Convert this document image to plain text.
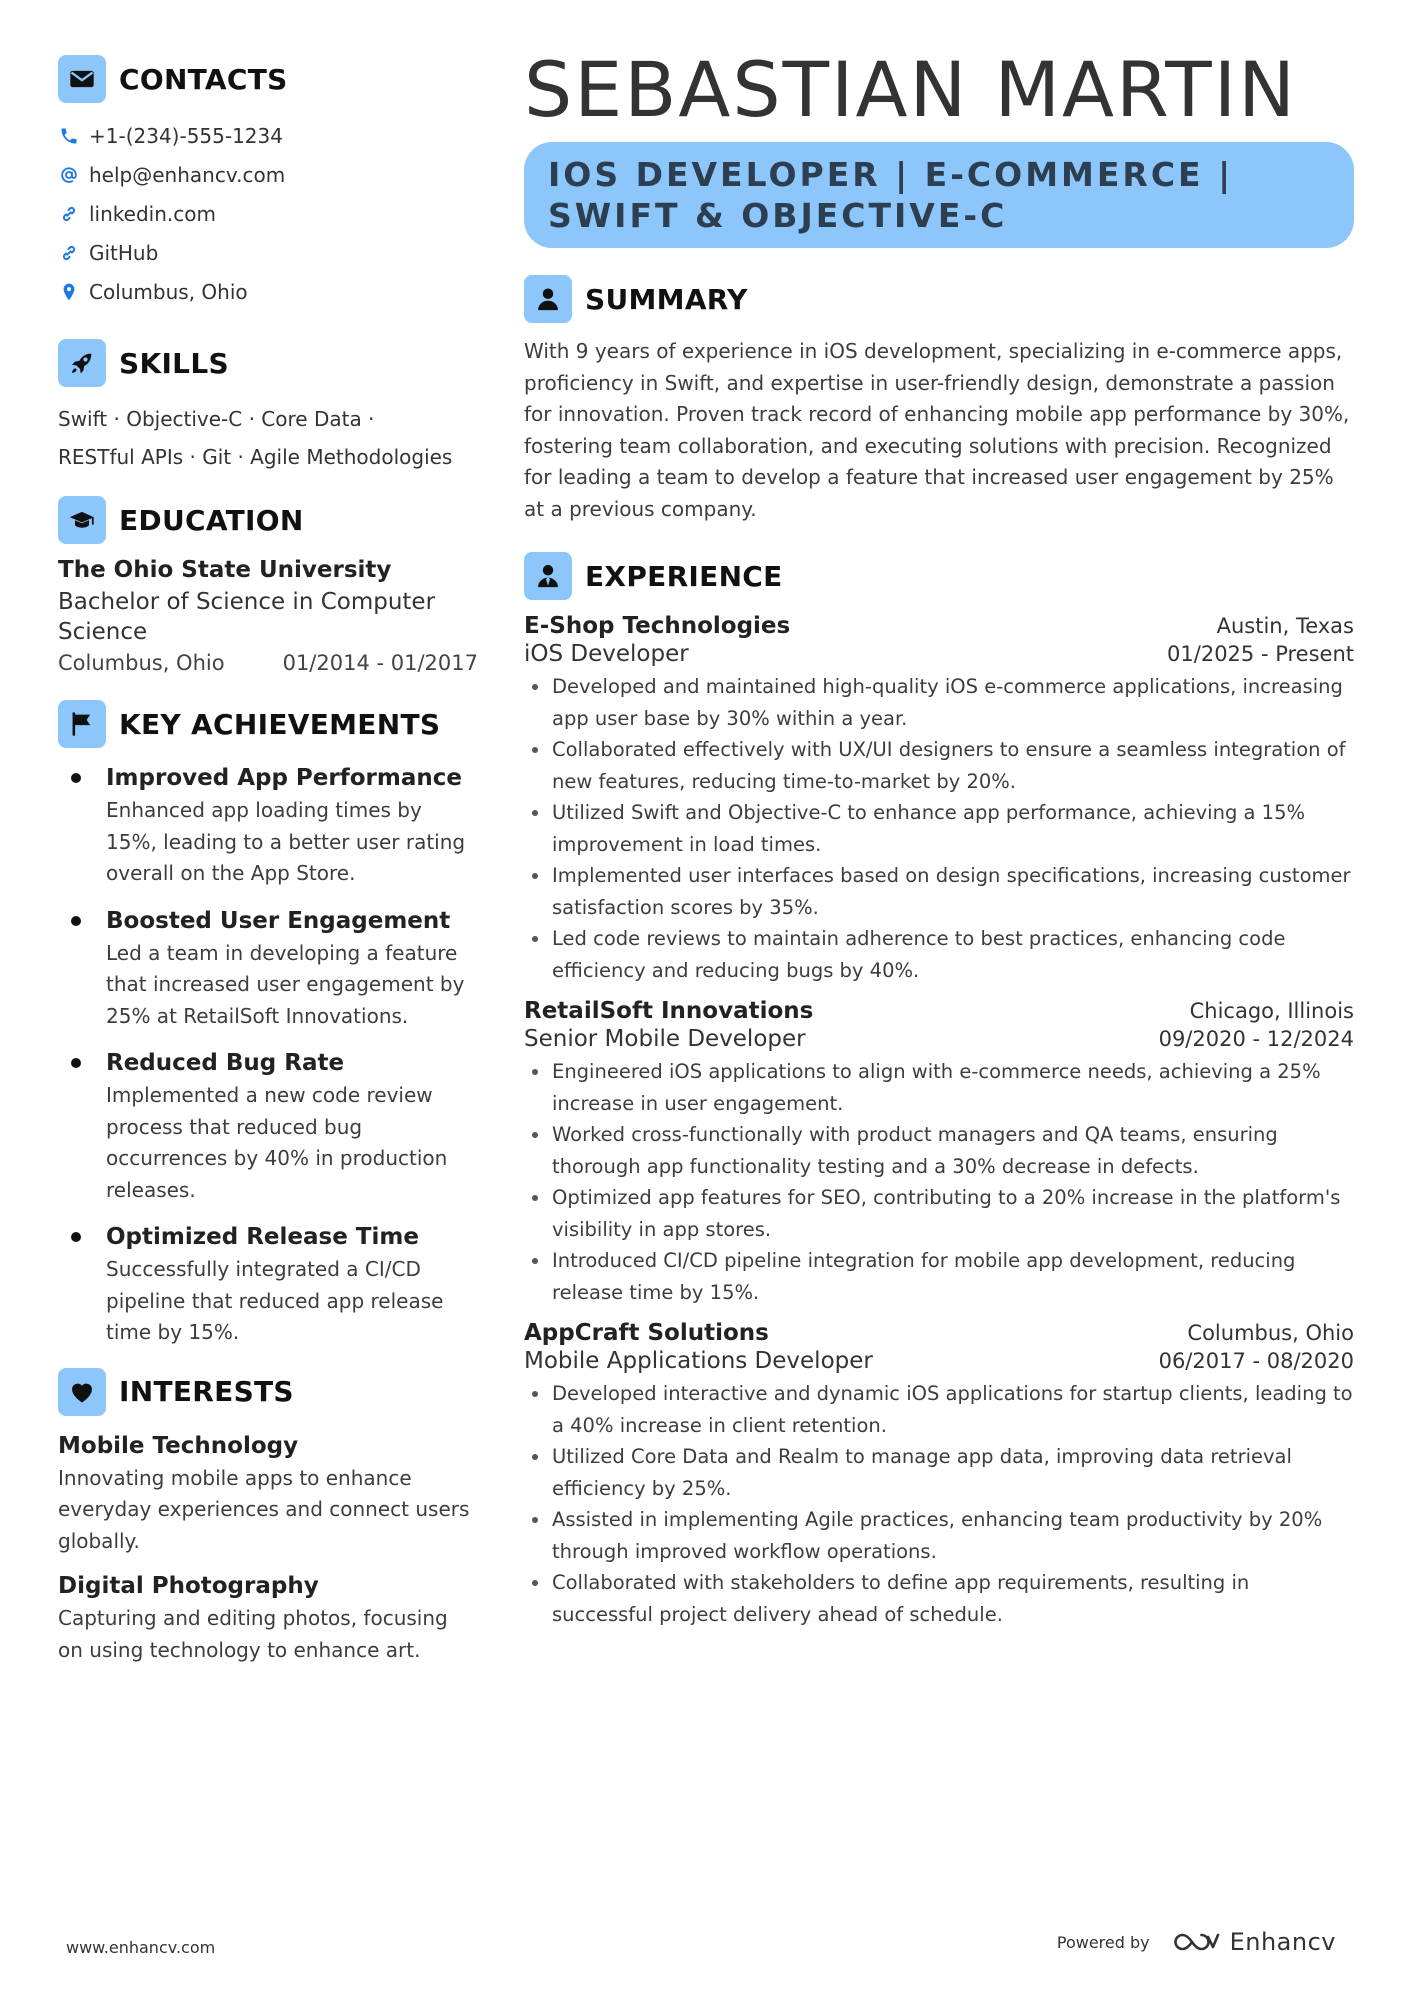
CONTACTS
+1-(234)-555-1234
help@enhancv.com
linkedin.com
GitHub
Columbus, Ohio
SKILLS
Swift · Objective-C · Core Data ·
RESTful APIs · Git · Agile Methodologies
EDUCATION
The Ohio State University
Bachelor of Science in Computer Science
Columbus, Ohio	01/2014 - 01/2017
KEY ACHIEVEMENTS
Improved App Performance
Enhanced app loading times by 15%, leading to a better user rating overall on the App Store.
Boosted User Engagement
Led a team in developing a feature that increased user engagement by 25% at RetailSoft Innovations.
Reduced Bug Rate
Implemented a new code review process that reduced bug occurrences by 40% in production releases.
Optimized Release Time
Successfully integrated a CI/CD pipeline that reduced app release time by 15%.
INTERESTS
Mobile Technology
Innovating mobile apps to enhance everyday experiences and connect users globally.
Digital Photography
Capturing and editing photos, focusing on using technology to enhance art.
SEBASTIAN MARTIN
IOS DEVELOPER | E-COMMERCE | SWIFT & OBJECTIVE-C
SUMMARY
With 9 years of experience in iOS development, specializing in e-commerce apps, proficiency in Swift, and expertise in user-friendly design, demonstrate a passion for innovation. Proven track record of enhancing mobile app performance by 30%, fostering team collaboration, and executing solutions with precision. Recognized for leading a team to develop a feature that increased user engagement by 25% at a previous company.
EXPERIENCE
E-Shop Technologies	Austin, Texas
iOS Developer	01/2025 - Present
Developed and maintained high-quality iOS e-commerce applications, increasing app user base by 30% within a year.
Collaborated effectively with UX/UI designers to ensure a seamless integration of new features, reducing time-to-market by 20%.
Utilized Swift and Objective-C to enhance app performance, achieving a 15% improvement in load times.
Implemented user interfaces based on design specifications, increasing customer satisfaction scores by 35%.
Led code reviews to maintain adherence to best practices, enhancing code efficiency and reducing bugs by 40%.
RetailSoft Innovations	Chicago, Illinois
Senior Mobile Developer	09/2020 - 12/2024
Engineered iOS applications to align with e-commerce needs, achieving a 25% increase in user engagement.
Worked cross-functionally with product managers and QA teams, ensuring thorough app functionality testing and a 30% decrease in defects.
Optimized app features for SEO, contributing to a 20% increase in the platform's visibility in app stores.
Introduced CI/CD pipeline integration for mobile app development, reducing release time by 15%.
AppCraft Solutions	Columbus, Ohio
Mobile Applications Developer	06/2017 - 08/2020
Developed interactive and dynamic iOS applications for startup clients, leading to a 40% increase in client retention.
Utilized Core Data and Realm to manage app data, improving data retrieval efficiency by 25%.
Assisted in implementing Agile practices, enhancing team productivity by 20% through improved workflow operations.
Collaborated with stakeholders to define app requirements, resulting in successful project delivery ahead of schedule.
www.enhancv.com	Powered by	Enhancv
